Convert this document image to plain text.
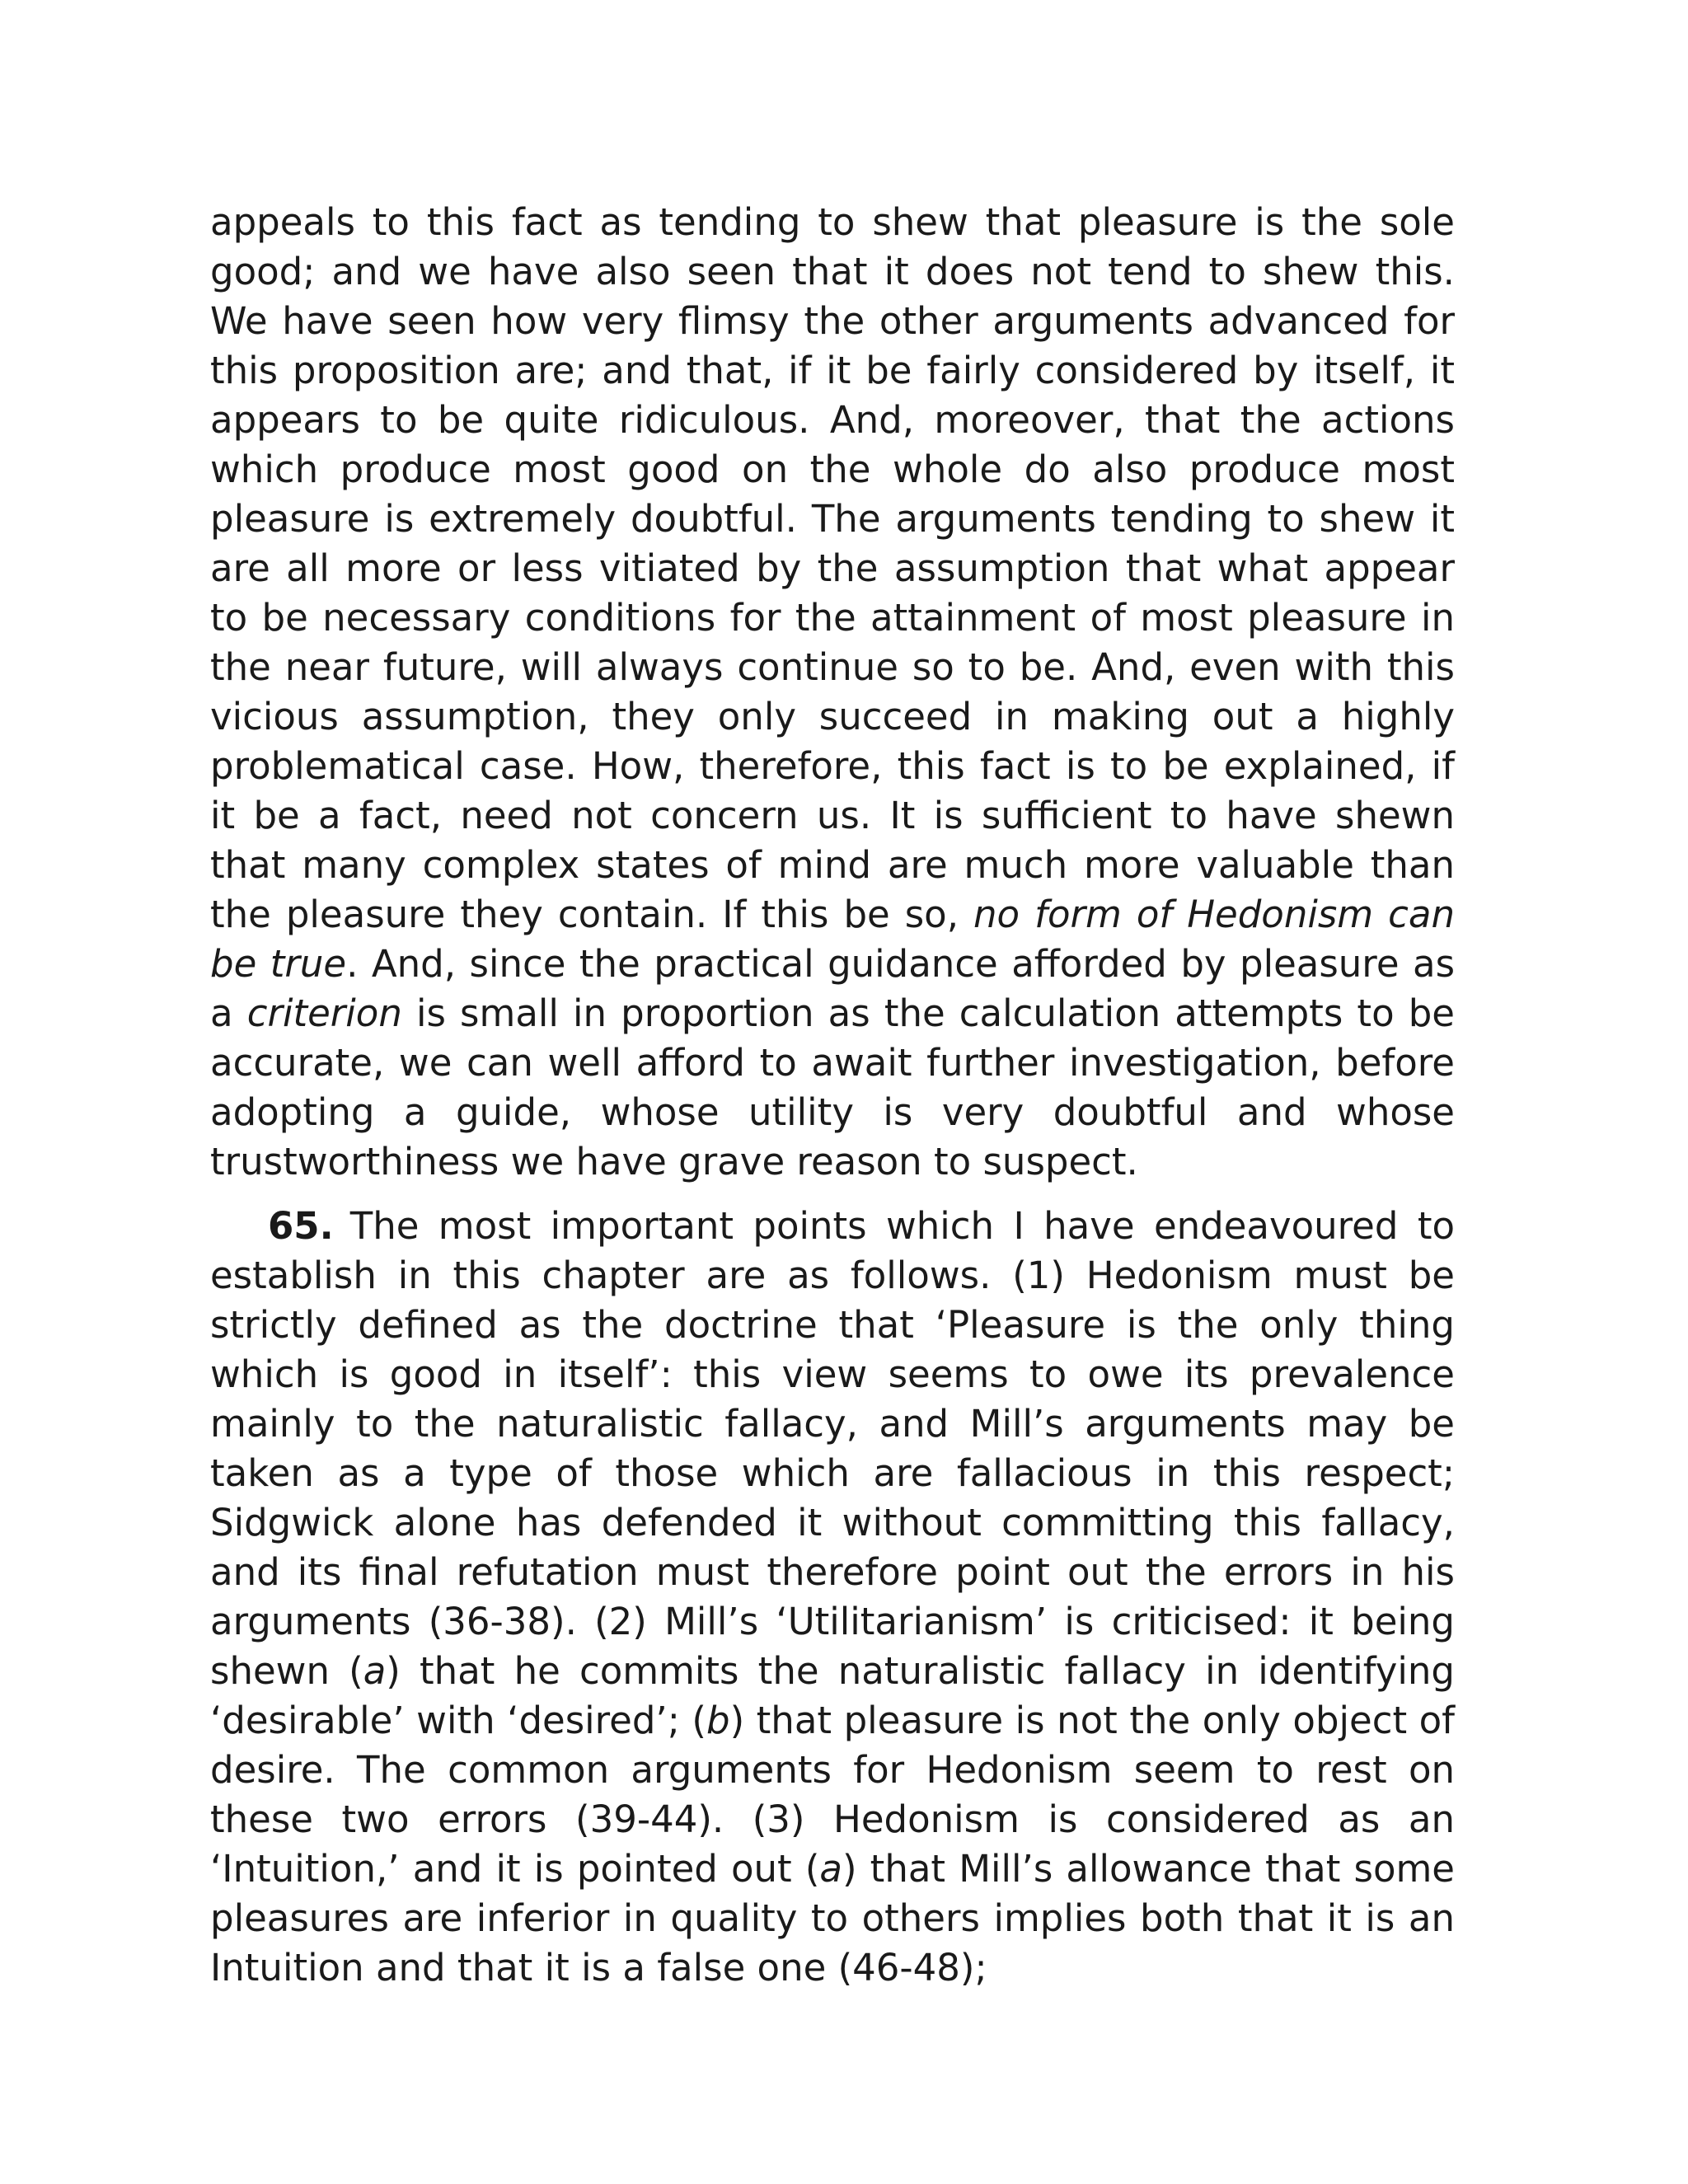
appeals to this fact as tending to shew that pleasure is the sole good; and we have also seen that it does not tend to shew this. We have seen how very flimsy the other arguments advanced for this proposition are; and that, if it be fairly considered by itself, it appears to be quite ridiculous. And, moreover, that the actions which produce most good on the whole do also produce most pleasure is extremely doubtful. The arguments tending to shew it are all more or less vitiated by the assumption that what appear to be necessary conditions for the attainment of most pleasure in the near future, will always continue so to be. And, even with this vicious assumption, they only succeed in making out a highly problematical case. How, therefore, this fact is to be explained, if it be a fact, need not concern us. It is sufficient to have shewn that many complex states of mind are much more valuable than the pleasure they contain. If this be so, no form of Hedonism can be true. And, since the practical guidance afforded by pleasure as a criterion is small in proportion as the calculation attempts to be accurate, we can well afford to await further investigation, before adopting a guide, whose utility is very doubtful and whose trustworthiness we have grave reason to suspect.

65. The most important points which I have endeavoured to establish in this chapter are as follows. (1) Hedonism must be strictly defined as the doctrine that ‘Pleasure is the only thing which is good in itself’: this view seems to owe its prevalence mainly to the naturalistic fallacy, and Mill’s arguments may be taken as a type of those which are fallacious in this respect; Sidgwick alone has defended it without committing this fallacy, and its final refutation must therefore point out the errors in his arguments (36-38). (2) Mill’s ‘Utilitarianism’ is criticised: it being shewn (a) that he commits the naturalistic fallacy in identifying ‘desirable’ with ‘desired’; (b) that pleasure is not the only object of desire. The common arguments for Hedonism seem to rest on these two errors (39-44). (3) Hedonism is considered as an ‘Intuition,’ and it is pointed out (a) that Mill’s allowance that some pleasures are inferior in quality to others implies both that it is an Intuition and that it is a false one (46-48);
